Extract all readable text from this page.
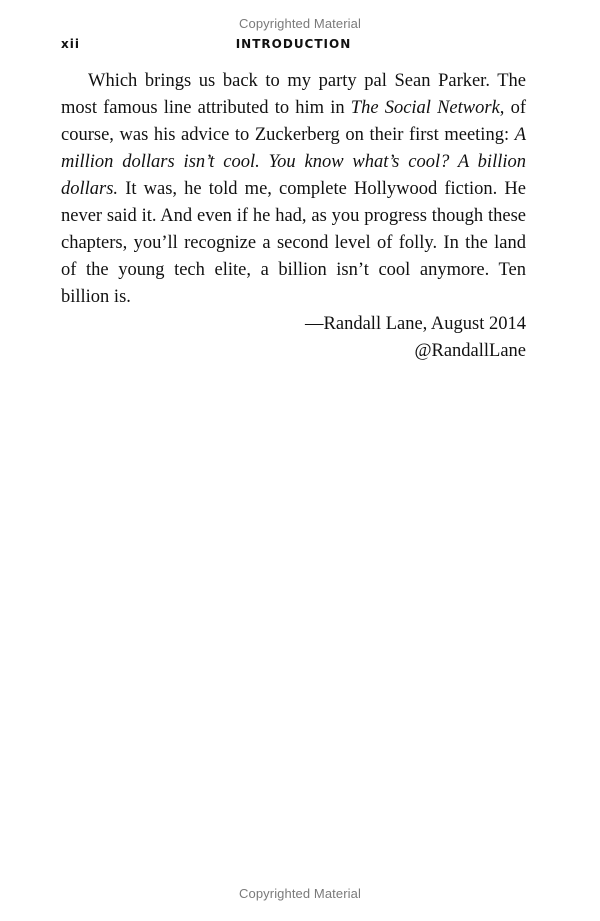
Copyrighted Material
xii	INTRODUCTION

Which brings us back to my party pal Sean Parker. The most famous line attributed to him in The Social Network, of course, was his advice to Zuckerberg on their first meeting: A million dollars isn’t cool. You know what’s cool? A billion dollars. It was, he told me, complete Hollywood fiction. He never said it. And even if he had, as you progress though these chapters, you’ll recognize a second level of folly. In the land of the young tech elite, a billion isn’t cool anymore. Ten billion is.

—Randall Lane, August 2014
@RandallLane
Copyrighted Material
